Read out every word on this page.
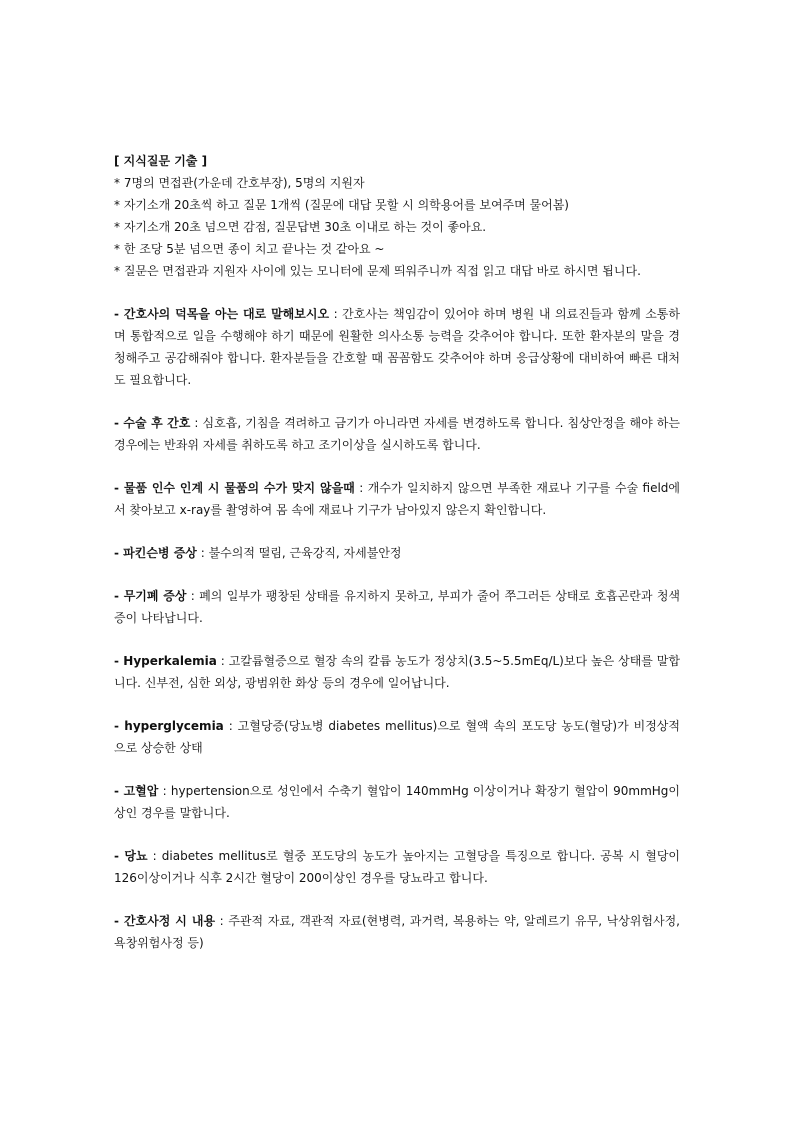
[ 지식질문 기출 ]

* 7명의 면접관(가운데 간호부장), 5명의 지원자

* 자기소개 20초씩 하고 질문 1개씩 (질문에 대답 못할 시 의학용어를 보여주며 물어봄)

* 자기소개 20초 넘으면 감점, 질문답변 30초 이내로 하는 것이 좋아요.

* 한 조당 5분 넘으면 종이 치고 끝나는 것 같아요 ~

* 질문은 면접관과 지원자 사이에 있는 모니터에 문제 띄워주니까 직접 읽고 대답 바로 하시면 됩니다.

- 간호사의 덕목을 아는 대로 말해보시오 : 간호사는 책임감이 있어야 하며 병원 내 의료진들과 함께 소통하며 통합적으로 일을 수행해야 하기 때문에 원활한 의사소통 능력을 갖추어야 합니다. 또한 환자분의 말을 경청해주고 공감해줘야 합니다. 환자분들을 간호할 때 꼼꼼함도 갖추어야 하며 응급상황에 대비하여 빠른 대처도 필요합니다.

- 수술 후 간호 : 심호흡, 기침을 격려하고 금기가 아니라면 자세를 변경하도록 합니다. 침상안정을 해야 하는 경우에는 반좌위 자세를 취하도록 하고 조기이상을 실시하도록 합니다.

- 물품 인수 인계 시 물품의 수가 맞지 않을때 : 개수가 일치하지 않으면 부족한 재료나 기구를 수술 field에서 찾아보고 x-ray를 촬영하여 몸 속에 재료나 기구가 남아있지 않은지 확인합니다.

- 파킨슨병 증상 : 불수의적 떨림, 근육강직, 자세불안정

- 무기폐 증상 : 폐의 일부가 팽창된 상태를 유지하지 못하고, 부피가 줄어 쭈그러든 상태로 호흡곤란과 청색증이 나타납니다.

- Hyperkalemia : 고칼륨혈증으로 혈장 속의 칼륨 농도가 정상치(3.5~5.5mEq/L)보다 높은 상태를 말합니다. 신부전, 심한 외상, 광범위한 화상 등의 경우에 일어납니다.

- hyperglycemia : 고혈당증(당뇨병 diabetes mellitus)으로 혈액 속의 포도당 농도(혈당)가 비정상적으로 상승한 상태

- 고혈압 : hypertension으로 성인에서 수축기 혈압이 140mmHg 이상이거나 확장기 혈압이 90mmHg이상인 경우를 말합니다.

- 당뇨 : diabetes mellitus로 혈중 포도당의 농도가 높아지는 고혈당을 특징으로 합니다. 공복 시 혈당이 126이상이거나 식후 2시간 혈당이 200이상인 경우를 당뇨라고 합니다.

- 간호사정 시 내용 : 주관적 자료, 객관적 자료(현병력, 과거력, 복용하는 약, 알레르기 유무, 낙상위험사정, 욕창위험사정 등)
